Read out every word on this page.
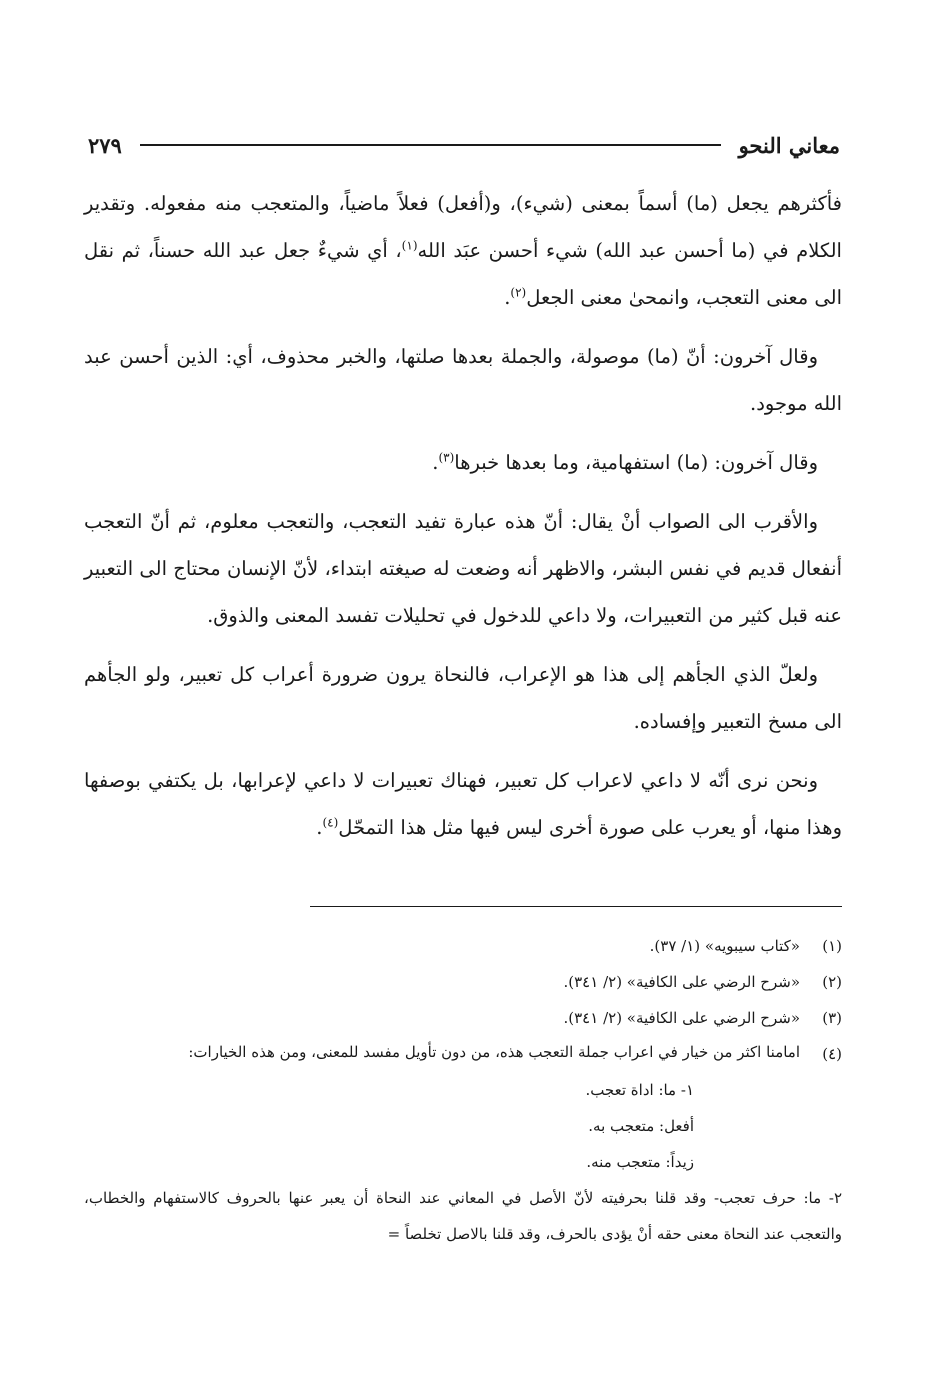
معاني النحو
٢٧٩

فأكثرهم يجعل (ما) أسماً بمعنى (شيء)، و(أفعل) فعلاً ماضياً، والمتعجب منه مفعوله. وتقدير الكلام في (ما أحسن عبد الله) شيء أحسن عبَد الله$^{(١)}$، أي شيءٌ جعل عبد الله حسناً، ثم نقل الى معنى التعجب، وانمحىٰ معنى الجعل$^{(٢)}$.

وقال آخرون: أنّ (ما) موصولة، والجملة بعدها صلتها، والخبر محذوف، أي: الذين أحسن عبد الله موجود.

وقال آخرون: (ما) استفهامية، وما بعدها خبرها$^{(٣)}$.

والأقرب الى الصواب أنْ يقال: أنّ هذه عبارة تفيد التعجب، والتعجب معلوم، ثم أنّ التعجب أنفعال قديم في نفس البشر، والاظهر أنه وضعت له صيغته ابتداء، لأنّ الإنسان محتاج الى التعبير عنه قبل كثير من التعبيرات، ولا داعي للدخول في تحليلات تفسد المعنى والذوق.

ولعلّ الذي الجأهم إلى هذا هو الإعراب، فالنحاة يرون ضرورة أعراب كل تعبير، ولو الجأهم الى مسخ التعبير وإفساده.

ونحن نرى أنّه لا داعي لاعراب كل تعبير، فهناك تعبيرات لا داعي لإعرابها، بل يكتفي بوصفها وهذا منها، أو يعرب على صورة أخرى ليس فيها مثل هذا التمحّل$^{(٤)}$.

(١)
«كتاب سيبويه» (١/ ٣٧).
(٢)
«شرح الرضي على الكافية» (٢/ ٣٤١).
(٣)
«شرح الرضي على الكافية» (٢/ ٣٤١).
(٤)
امامنا اكثر من خيار في اعراب جملة التعجب هذه، من دون تأويل مفسد للمعنى، ومن هذه الخيارات:
١- ما: اداة تعجب.
أفعل: متعجب به.
زيداً: متعجب منه.
٢- ما: حرف تعجب- وقد قلنا بحرفيته لأنّ الأصل في المعاني عند النحاة أن يعبر عنها بالحروف كالاستفهام والخطاب، والتعجب عند النحاة معنى حقه أنْ يؤدى بالحرف، وقد قلنا بالاصل تخلصاً =
